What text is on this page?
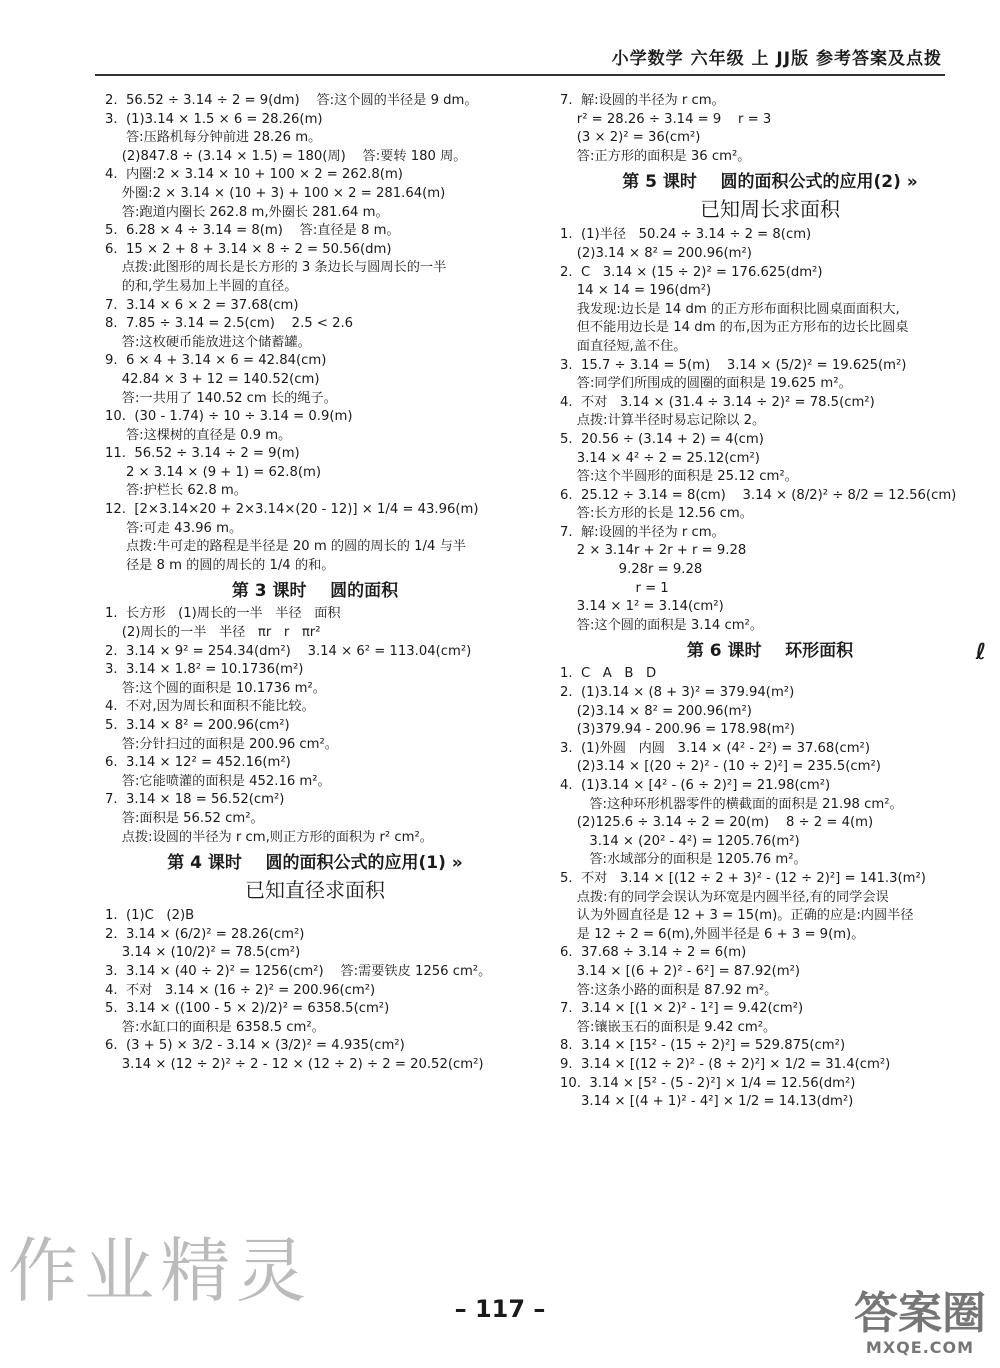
小学数学 六年级 上 JJ版 参考答案及点拨
2.  56.52 ÷ 3.14 ÷ 2 = 9(dm)    答:这个圆的半径是 9 dm。
3.  (1)3.14 × 1.5 × 6 = 28.26(m)
答:压路机每分钟前进 28.26 m。
(2)847.8 ÷ (3.14 × 1.5) = 180(周)    答:要转 180 周。
4.  内圈:2 × 3.14 × 10 + 100 × 2 = 262.8(m)
外圈:2 × 3.14 × (10 + 3) + 100 × 2 = 281.64(m)
答:跑道内圈长 262.8 m,外圈长 281.64 m。
5.  6.28 × 4 ÷ 3.14 = 8(m)    答:直径是 8 m。
6.  15 × 2 + 8 + 3.14 × 8 ÷ 2 = 50.56(dm)
点拨:此图形的周长是长方形的 3 条边长与圆周长的一半
的和,学生易加上半圆的直径。
7.  3.14 × 6 × 2 = 37.68(cm)
8.  7.85 ÷ 3.14 = 2.5(cm)    2.5 < 2.6
答:这枚硬币能放进这个储蓄罐。
9.  6 × 4 + 3.14 × 6 = 42.84(cm)
42.84 × 3 + 12 = 140.52(cm)
答:一共用了 140.52 cm 长的绳子。
10.  (30 - 1.74) ÷ 10 ÷ 3.14 = 0.9(m)
答:这棵树的直径是 0.9 m。
11.  56.52 ÷ 3.14 ÷ 2 = 9(m)
2 × 3.14 × (9 + 1) = 62.8(m)
答:护栏长 62.8 m。
12.  [2×3.14×20 + 2×3.14×(20 - 12)] × 1/4 = 43.96(m)
答:可走 43.96 m。
点拨:牛可走的路程是半径是 20 m 的圆的周长的 1/4 与半
径是 8 m 的圆的周长的 1/4 的和。
第 3 课时    圆的面积
1.  长方形   (1)周长的一半   半径   面积
(2)周长的一半   半径   πr   r   πr²
2.  3.14 × 9² = 254.34(dm²)    3.14 × 6² = 113.04(cm²)
3.  3.14 × 1.8² = 10.1736(m²)
答:这个圆的面积是 10.1736 m²。
4.  不对,因为周长和面积不能比较。
5.  3.14 × 8² = 200.96(cm²)
答:分针扫过的面积是 200.96 cm²。
6.  3.14 × 12² = 452.16(m²)
答:它能喷灌的面积是 452.16 m²。
7.  3.14 × 18 = 56.52(cm²)
答:面积是 56.52 cm²。
点拨:设圆的半径为 r cm,则正方形的面积为 r² cm²。
第 4 课时    圆的面积公式的应用(1) »
已知直径求面积
1.  (1)C   (2)B
2.  3.14 × (6/2)² = 28.26(cm²)
3.14 × (10/2)² = 78.5(cm²)
3.  3.14 × (40 ÷ 2)² = 1256(cm²)    答:需要铁皮 1256 cm²。
4.  不对   3.14 × (16 ÷ 2)² = 200.96(cm²)
5.  3.14 × ((100 - 5 × 2)/2)² = 6358.5(cm²)
答:水缸口的面积是 6358.5 cm²。
6.  (3 + 5) × 3/2 - 3.14 × (3/2)² = 4.935(cm²)
3.14 × (12 ÷ 2)² ÷ 2 - 12 × (12 ÷ 2) ÷ 2 = 20.52(cm²)
7.  解:设圆的半径为 r cm。
r² = 28.26 ÷ 3.14 = 9    r = 3
(3 × 2)² = 36(cm²)
答:正方形的面积是 36 cm²。
第 5 课时    圆的面积公式的应用(2) »
已知周长求面积
1.  (1)半径   50.24 ÷ 3.14 ÷ 2 = 8(cm)
(2)3.14 × 8² = 200.96(m²)
2.  C   3.14 × (15 ÷ 2)² = 176.625(dm²)
14 × 14 = 196(dm²)
我发现:边长是 14 dm 的正方形布面积比圆桌面面积大,
但不能用边长是 14 dm 的布,因为正方形布的边长比圆桌
面直径短,盖不住。
3.  15.7 ÷ 3.14 = 5(m)    3.14 × (5/2)² = 19.625(m²)
答:同学们所围成的圆圈的面积是 19.625 m²。
4.  不对   3.14 × (31.4 ÷ 3.14 ÷ 2)² = 78.5(cm²)
点拨:计算半径时易忘记除以 2。
5.  20.56 ÷ (3.14 + 2) = 4(cm)
3.14 × 4² ÷ 2 = 25.12(cm²)
答:这个半圆形的面积是 25.12 cm²。
6.  25.12 ÷ 3.14 = 8(cm)    3.14 × (8/2)² ÷ 8/2 = 12.56(cm)
答:长方形的长是 12.56 cm。
7.  解:设圆的半径为 r cm。
2 × 3.14r + 2r + r = 9.28
9.28r = 9.28
r = 1
3.14 × 1² = 3.14(cm²)
答:这个圆的面积是 3.14 cm²。
第 6 课时    环形面积
1.  C   A   B   D
2.  (1)3.14 × (8 + 3)² = 379.94(m²)
(2)3.14 × 8² = 200.96(m²)
(3)379.94 - 200.96 = 178.98(m²)
3.  (1)外圆   内圆   3.14 × (4² - 2²) = 37.68(cm²)
(2)3.14 × [(20 ÷ 2)² - (10 ÷ 2)²] = 235.5(cm²)
4.  (1)3.14 × [4² - (6 ÷ 2)²] = 21.98(cm²)
答:这种环形机器零件的横截面的面积是 21.98 cm²。
(2)125.6 ÷ 3.14 ÷ 2 = 20(m)    8 ÷ 2 = 4(m)
3.14 × (20² - 4²) = 1205.76(m²)
答:水域部分的面积是 1205.76 m²。
5.  不对   3.14 × [(12 ÷ 2 + 3)² - (12 ÷ 2)²] = 141.3(m²)
点拨:有的同学会误认为环宽是内圆半径,有的同学会误
认为外圆直径是 12 + 3 = 15(m)。正确的应是:内圆半径
是 12 ÷ 2 = 6(m),外圆半径是 6 + 3 = 9(m)。
6.  37.68 ÷ 3.14 ÷ 2 = 6(m)
3.14 × [(6 + 2)² - 6²] = 87.92(m²)
答:这条小路的面积是 87.92 m²。
7.  3.14 × [(1 × 2)² - 1²] = 9.42(cm²)
答:镶嵌玉石的面积是 9.42 cm²。
8.  3.14 × [15² - (15 ÷ 2)²] = 529.875(cm²)
9.  3.14 × [(12 ÷ 2)² - (8 ÷ 2)²] × 1/2 = 31.4(cm²)
10.  3.14 × [5² - (5 - 2)²] × 1/4 = 12.56(dm²)
3.14 × [(4 + 1)² - 4²] × 1/2 = 14.13(dm²)
– 117 –
ℓ
作业精灵
答案圈
MXQE.COM
